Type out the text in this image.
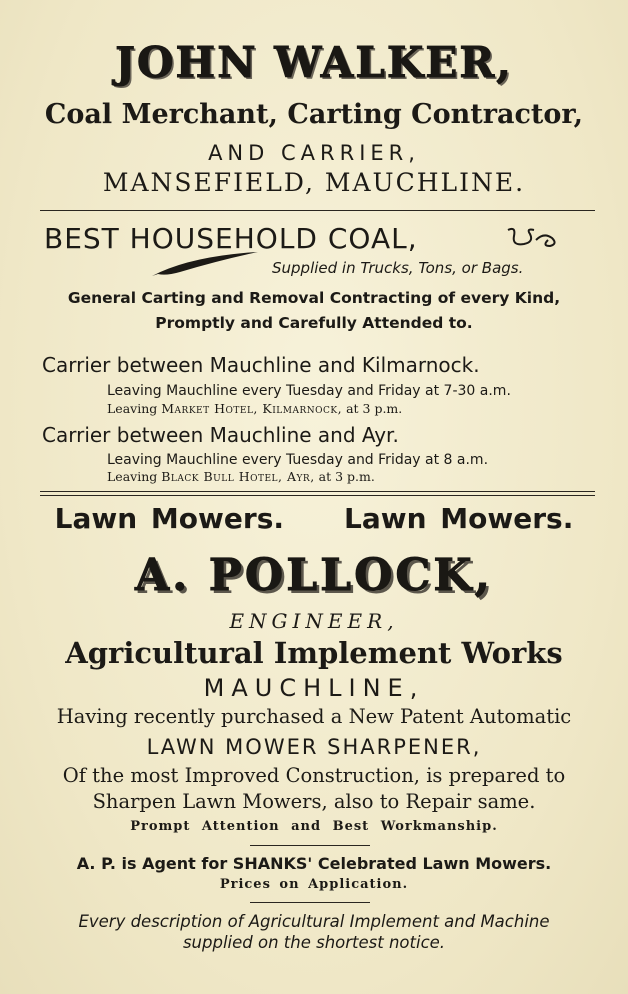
JOHN WALKER,
Coal Merchant, Carting Contractor,
AND CARRIER,
MANSEFIELD, MAUCHLINE.
BEST HOUSEHOLD COAL,
Supplied in Trucks, Tons, or Bags.
General Carting and Removal Contracting of every Kind,
Promptly and Carefully Attended to.
Carrier between Mauchline and Kilmarnock.
Leaving Mauchline every Tuesday and Friday at 7-30 a.m.
Leaving Market Hotel, Kilmarnock, at 3 p.m.
Carrier between Mauchline and Ayr.
Leaving Mauchline every Tuesday and Friday at 8 a.m.
Leaving Black Bull Hotel, Ayr, at 3 p.m.
Lawn Mowers. Lawn Mowers.
A. POLLOCK,
ENGINEER,
Agricultural Implement Works
MAUCHLINE,
Having recently purchased a New Patent Automatic
LAWN MOWER SHARPENER,
Of the most Improved Construction, is prepared to
Sharpen Lawn Mowers, also to Repair same.
Prompt Attention and Best Workmanship.
A. P. is Agent for SHANKS' Celebrated Lawn Mowers.
Prices on Application.
Every description of Agricultural Implement and Machine
supplied on the shortest notice.
